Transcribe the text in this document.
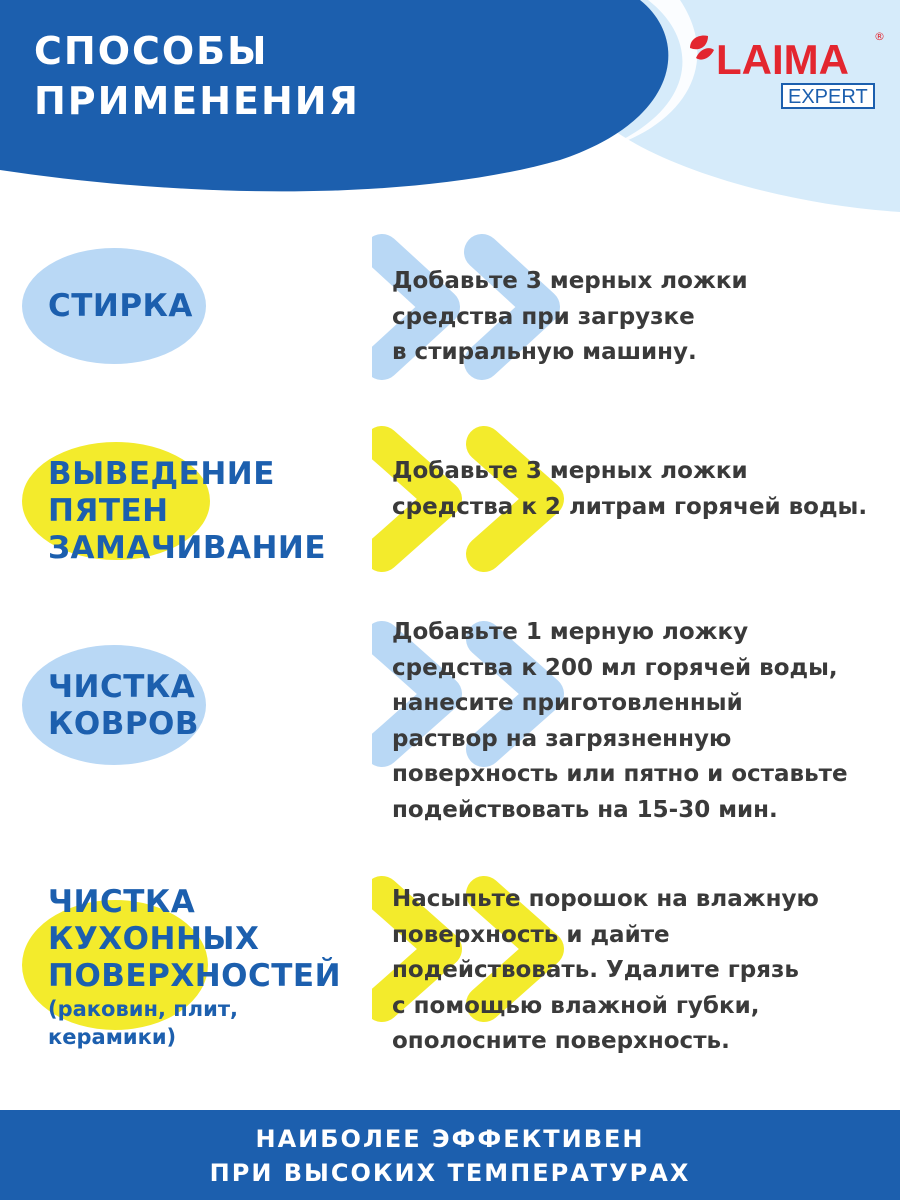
СПОСОБЫ
ПРИМЕНЕНИЯ
LAIMA ®
EXPERT
СТИРКА

Добавьте 3 мерных ложки
средства при загрузке
в стиральную машину.

ВЫВЕДЕНИЕ
ПЯТЕН
ЗАМАЧИВАНИЕ

Добавьте 3 мерных ложки
средства к 2 литрам горячей воды.

ЧИСТКА
КОВРОВ

Добавьте 1 мерную ложку
средства к 200 мл горячей воды,
нанесите приготовленный
раствор на загрязненную
поверхность или пятно и оставьте
подействовать на 15-30 мин.

ЧИСТКА
КУХОННЫХ
ПОВЕРХНОСТЕЙ
(раковин, плит,
керамики)

Насыпьте порошок на влажную
поверхность и дайте
подействовать. Удалите грязь
с помощью влажной губки,
ополосните поверхность.

НАИБОЛЕЕ ЭФФЕКТИВЕН
ПРИ ВЫСОКИХ ТЕМПЕРАТУРАХ
